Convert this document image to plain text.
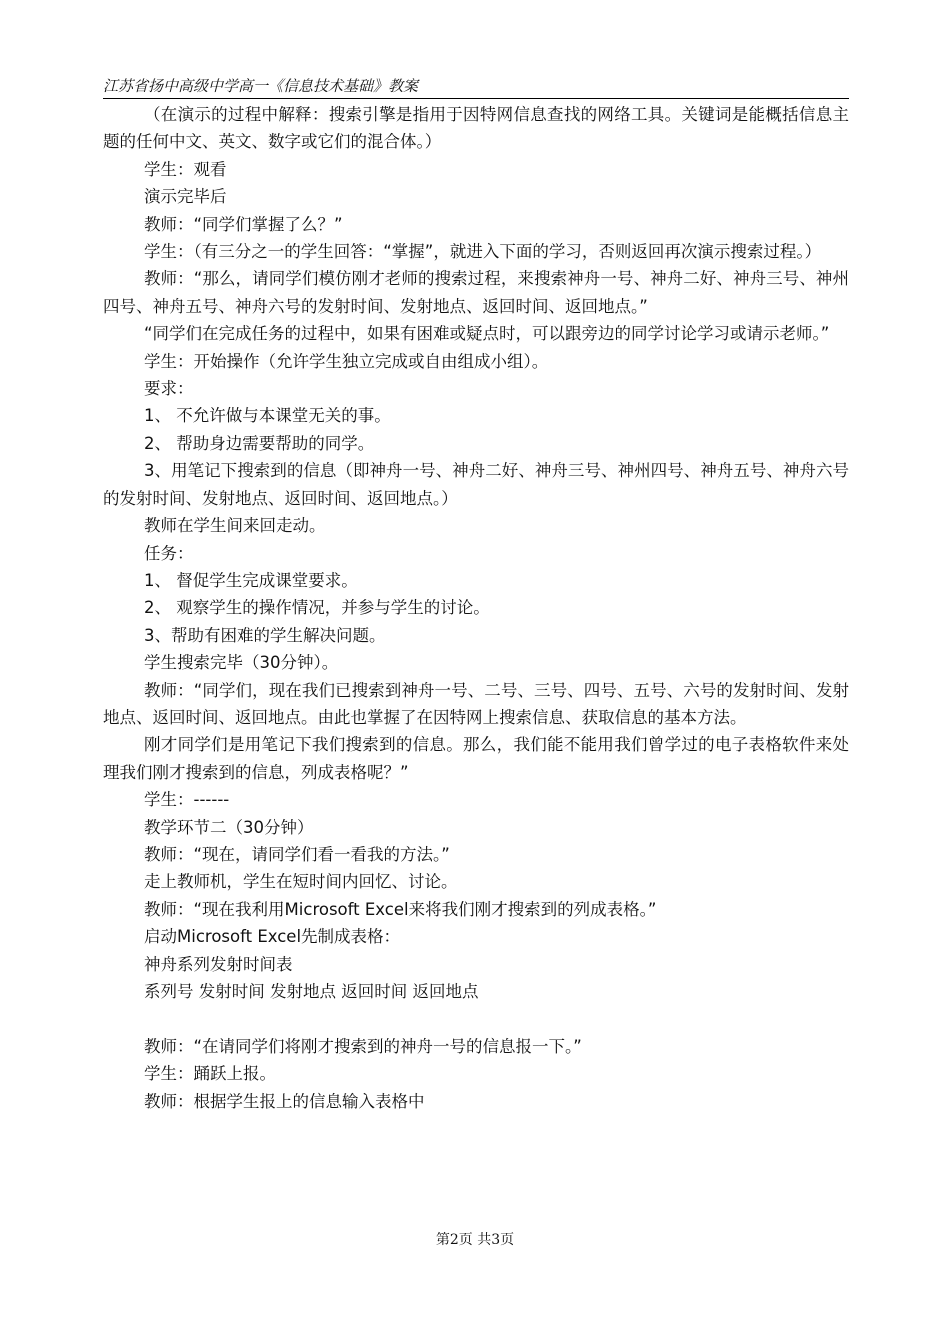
江苏省扬中高级中学高一《信息技术基础》教案

（在演示的过程中解释：搜索引擎是指用于因特网信息查找的网络工具。关键词是能概括信息主题的任何中文、英文、数字或它们的混合体。）

学生：观看

演示完毕后

教师：“同学们掌握了么？”

学生：（有三分之一的学生回答：“掌握”，就进入下面的学习，否则返回再次演示搜索过程。）

教师：“那么，请同学们模仿刚才老师的搜索过程，来搜索神舟一号、神舟二好、神舟三号、神州四号、神舟五号、神舟六号的发射时间、发射地点、返回时间、返回地点。”

“同学们在完成任务的过程中，如果有困难或疑点时，可以跟旁边的同学讨论学习或请示老师。”

学生：开始操作（允许学生独立完成或自由组成小组）。

要求：

1、 不允许做与本课堂无关的事。

2、 帮助身边需要帮助的同学。

3、用笔记下搜索到的信息（即神舟一号、神舟二好、神舟三号、神州四号、神舟五号、神舟六号的发射时间、发射地点、返回时间、返回地点。）

教师在学生间来回走动。

任务：

1、 督促学生完成课堂要求。

2、 观察学生的操作情况，并参与学生的讨论。

3、帮助有困难的学生解决问题。

学生搜索完毕（30分钟）。

教师：“同学们，现在我们已搜索到神舟一号、二号、三号、四号、五号、六号的发射时间、发射地点、返回时间、返回地点。由此也掌握了在因特网上搜索信息、获取信息的基本方法。

刚才同学们是用笔记下我们搜索到的信息。那么，我们能不能用我们曾学过的电子表格软件来处理我们刚才搜索到的信息，列成表格呢？”

学生：------

教学环节二（30分钟）

教师：“现在，请同学们看一看我的方法。”

走上教师机，学生在短时间内回忆、讨论。

教师：“现在我利用Microsoft Excel来将我们刚才搜索到的列成表格。”

启动Microsoft Excel先制成表格：

神舟系列发射时间表

系列号 发射时间 发射地点 返回时间 返回地点

教师：“在请同学们将刚才搜索到的神舟一号的信息报一下。”

学生：踊跃上报。

教师：根据学生报上的信息输入表格中

第2页 共3页
